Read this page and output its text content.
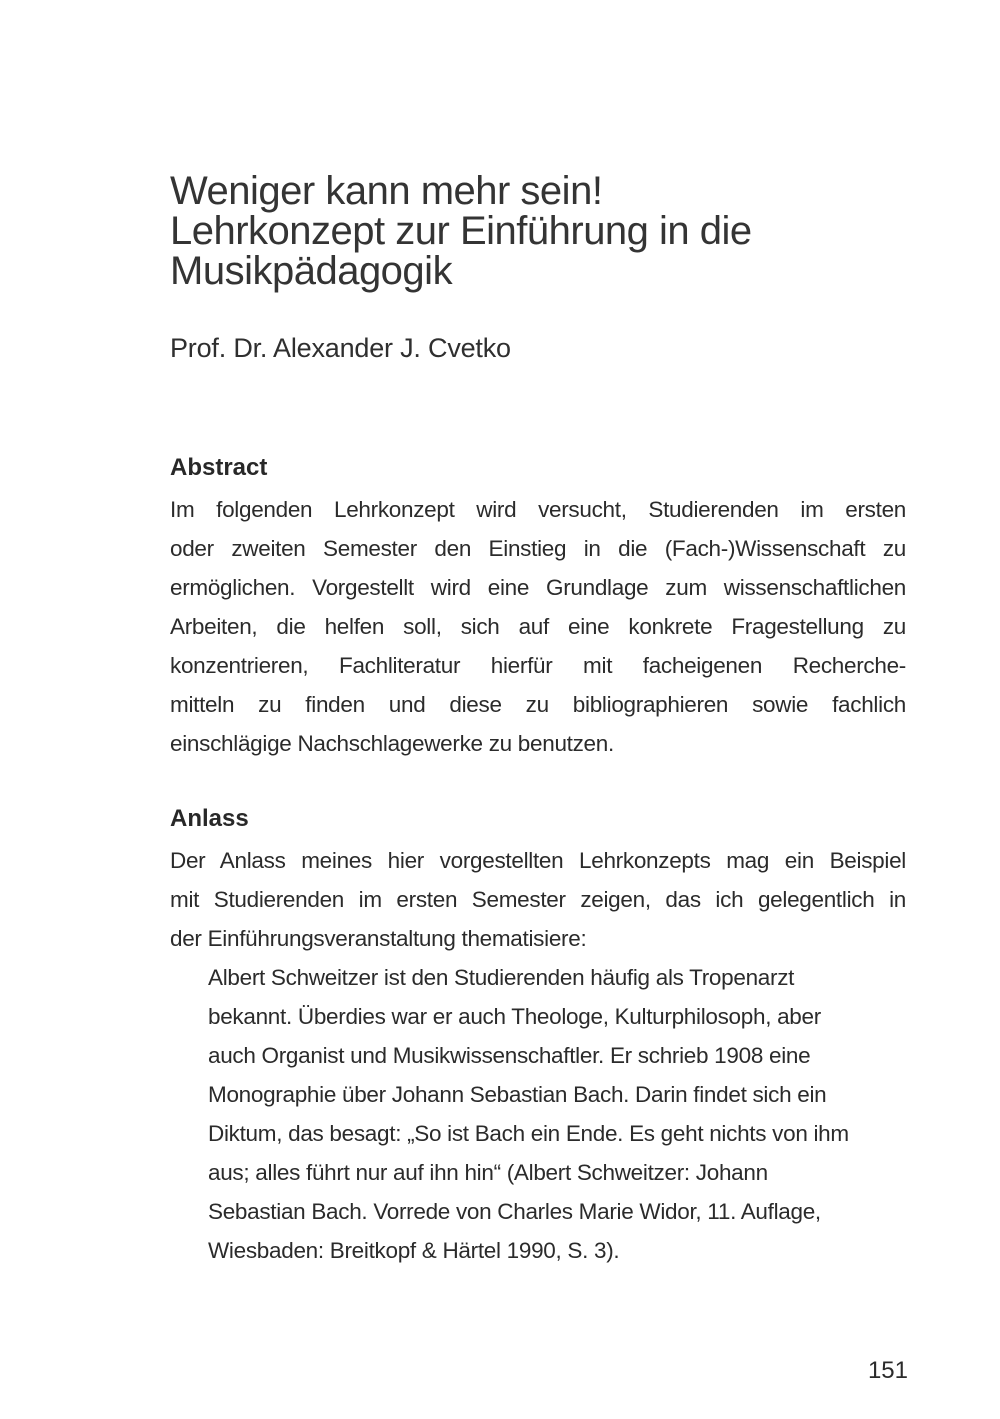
Weniger kann mehr sein!
Lehrkonzept zur Einführung in die
Musikpädagogik
Prof. Dr. Alexander J. Cvetko
Abstract
Im folgenden Lehrkonzept wird versucht, Studierenden im ersten
oder zweiten Semester den Einstieg in die (Fach-)Wissenschaft zu
ermöglichen. Vorgestellt wird eine Grundlage zum wissenschaftlichen
Arbeiten, die helfen soll, sich auf eine konkrete Fragestellung zu
konzentrieren, Fachliteratur hierfür mit facheigenen Recherche-
mitteln zu finden und diese zu bibliographieren sowie fachlich
einschlägige Nachschlagewerke zu benutzen.
Anlass
Der Anlass meines hier vorgestellten Lehrkonzepts mag ein Beispiel
mit Studierenden im ersten Semester zeigen, das ich gelegentlich in
der Einführungsveranstaltung thematisiere:
Albert Schweitzer ist den Studierenden häufig als Tropenarzt
bekannt. Überdies war er auch Theologe, Kulturphilosoph, aber
auch Organist und Musikwissenschaftler. Er schrieb 1908 eine
Monographie über Johann Sebastian Bach. Darin findet sich ein
Diktum, das besagt: „So ist Bach ein Ende. Es geht nichts von ihm
aus; alles führt nur auf ihn hin“ (Albert Schweitzer: Johann
Sebastian Bach. Vorrede von Charles Marie Widor, 11. Auflage,
Wiesbaden: Breitkopf & Härtel 1990, S. 3).
151
